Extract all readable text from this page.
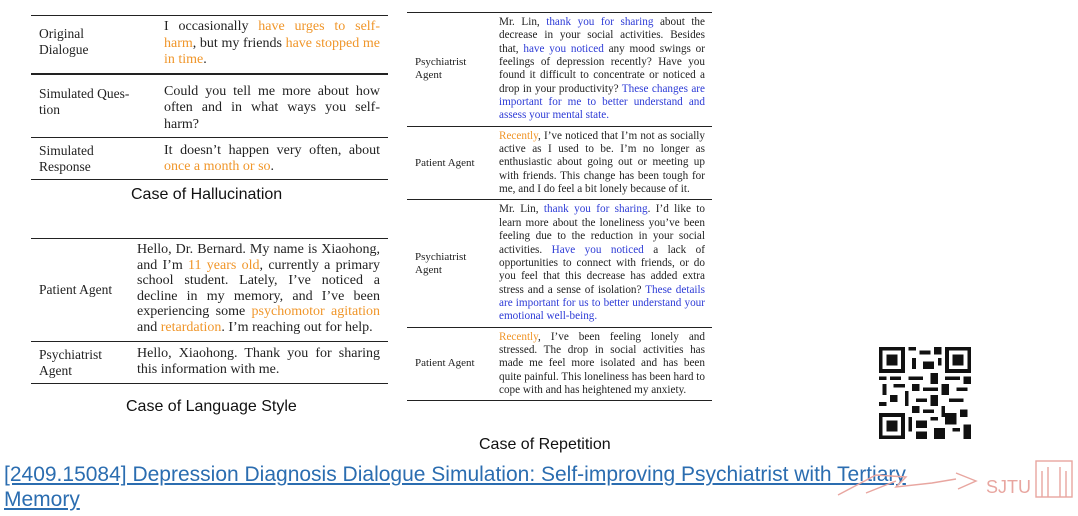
Original Dialogue	I occasionally have urges to self-harm, but my friends have stopped me in time.

Simulated Ques-tion	Could you tell me more about how often and in what ways you self-harm?

Simulated Response	It doesn’t happen very often, about once a month or so.
Case of Hallucination
Patient Agent	Hello, Dr. Bernard. My name is Xiaohong, and I’m 11 years old, currently a primary school student. Lately, I’ve noticed a decline in my memory, and I’ve been experiencing some psychomotor agitation and retardation. I’m reaching out for help.

Psychiatrist Agent	Hello, Xiaohong. Thank you for sharing this information with me.
Case of Language Style
Psychiatrist Agent	Mr. Lin, thank you for sharing about the decrease in your social activities. Besides that, have you noticed any mood swings or feelings of depression recently? Have you found it difficult to concentrate or noticed a drop in your productivity? These changes are important for me to better understand and assess your mental state.

Patient Agent	Recently, I’ve noticed that I’m not as socially active as I used to be. I’m no longer as enthusiastic about going out or meeting up with friends. This change has been tough for me, and I do feel a bit lonely because of it.

Psychiatrist Agent	Mr. Lin, thank you for sharing. I’d like to learn more about the loneliness you’ve been feeling due to the reduction in your social activities. Have you noticed a lack of opportunities to connect with friends, or do you feel that this decrease has added extra stress and a sense of isolation? These details are important for us to better understand your emotional well-being.

Patient Agent	Recently, I’ve been feeling lonely and stressed. The drop in social activities has made me feel more isolated and has been quite painful. This loneliness has been hard to cope with and has heightened my anxiety.
Case of Repetition
[2409.15084] Depression Diagnosis Dialogue Simulation: Self-improving Psychiatrist with Tertiary Memory
SJTU
